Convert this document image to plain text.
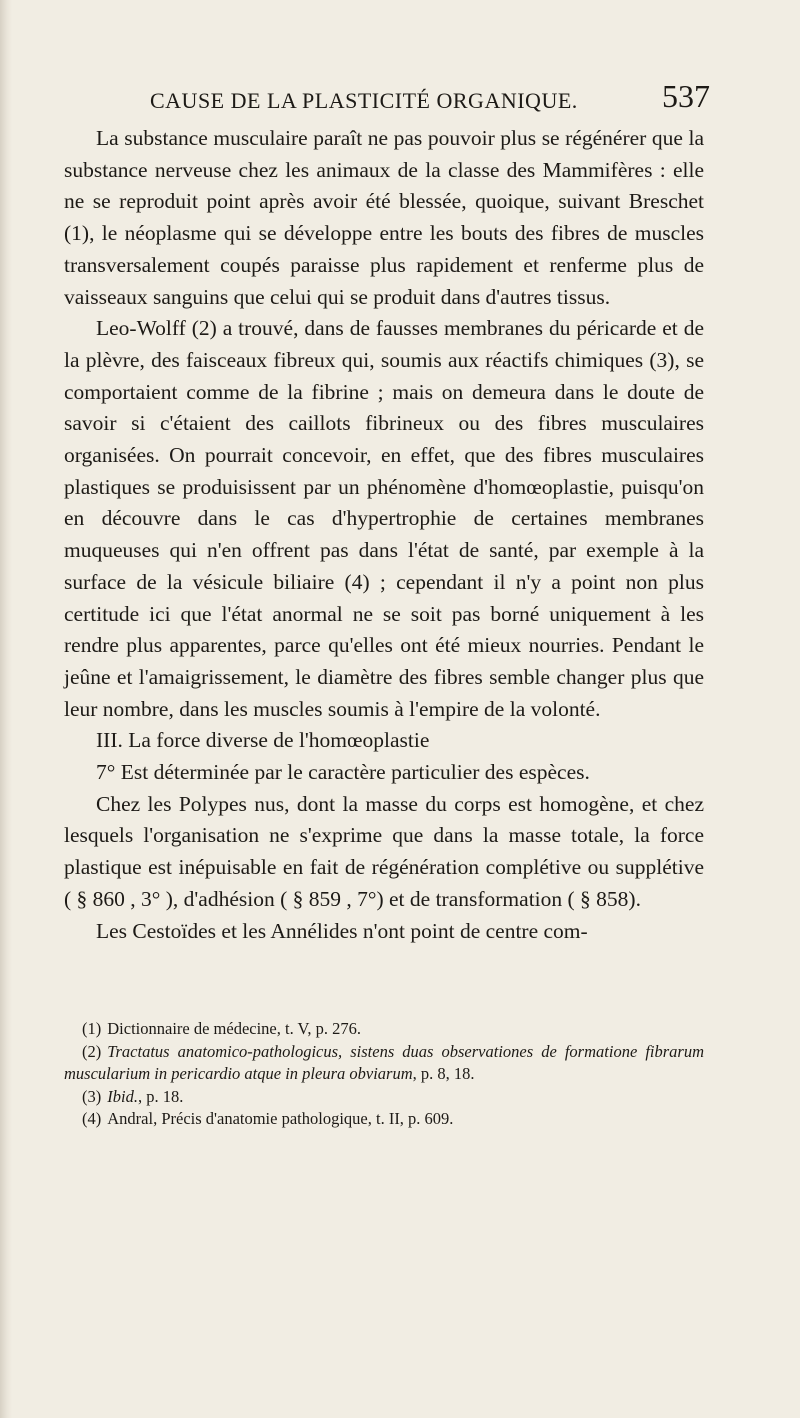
CAUSE DE LA PLASTICITÉ ORGANIQUE.	537

La substance musculaire paraît ne pas pouvoir plus se régénérer que la substance nerveuse chez les animaux de la classe des Mammifères : elle ne se reproduit point après avoir été blessée, quoique, suivant Breschet (1), le néoplasme qui se développe entre les bouts des fibres de muscles transversalement coupés paraisse plus rapidement et renferme plus de vaisseaux sanguins que celui qui se produit dans d'autres tissus.

Leo-Wolff (2) a trouvé, dans de fausses membranes du péricarde et de la plèvre, des faisceaux fibreux qui, soumis aux réactifs chimiques (3), se comportaient comme de la fibrine ; mais on demeura dans le doute de savoir si c'étaient des caillots fibrineux ou des fibres musculaires organisées. On pourrait concevoir, en effet, que des fibres musculaires plastiques se produisissent par un phénomène d'homœoplastie, puisqu'on en découvre dans le cas d'hypertrophie de certaines membranes muqueuses qui n'en offrent pas dans l'état de santé, par exemple à la surface de la vésicule biliaire (4) ; cependant il n'y a point non plus certitude ici que l'état anormal ne se soit pas borné uniquement à les rendre plus apparentes, parce qu'elles ont été mieux nourries. Pendant le jeûne et l'amaigrissement, le diamètre des fibres semble changer plus que leur nombre, dans les muscles soumis à l'empire de la volonté.

III. La force diverse de l'homœoplastie

7° Est déterminée par le caractère particulier des espèces.

Chez les Polypes nus, dont la masse du corps est homogène, et chez lesquels l'organisation ne s'exprime que dans la masse totale, la force plastique est inépuisable en fait de régénération complétive ou supplétive ( § 860 , 3° ), d'adhésion ( § 859 , 7°) et de transformation ( § 858).

Les Cestoïdes et les Annélides n'ont point de centre com-

(1) Dictionnaire de médecine, t. V, p. 276.

(2) Tractatus anatomico-pathologicus, sistens duas observationes de formatione fibrarum muscularium in pericardio atque in pleura obviarum, p. 8, 18.

(3) Ibid., p. 18.

(4) Andral, Précis d'anatomie pathologique, t. II, p. 609.
